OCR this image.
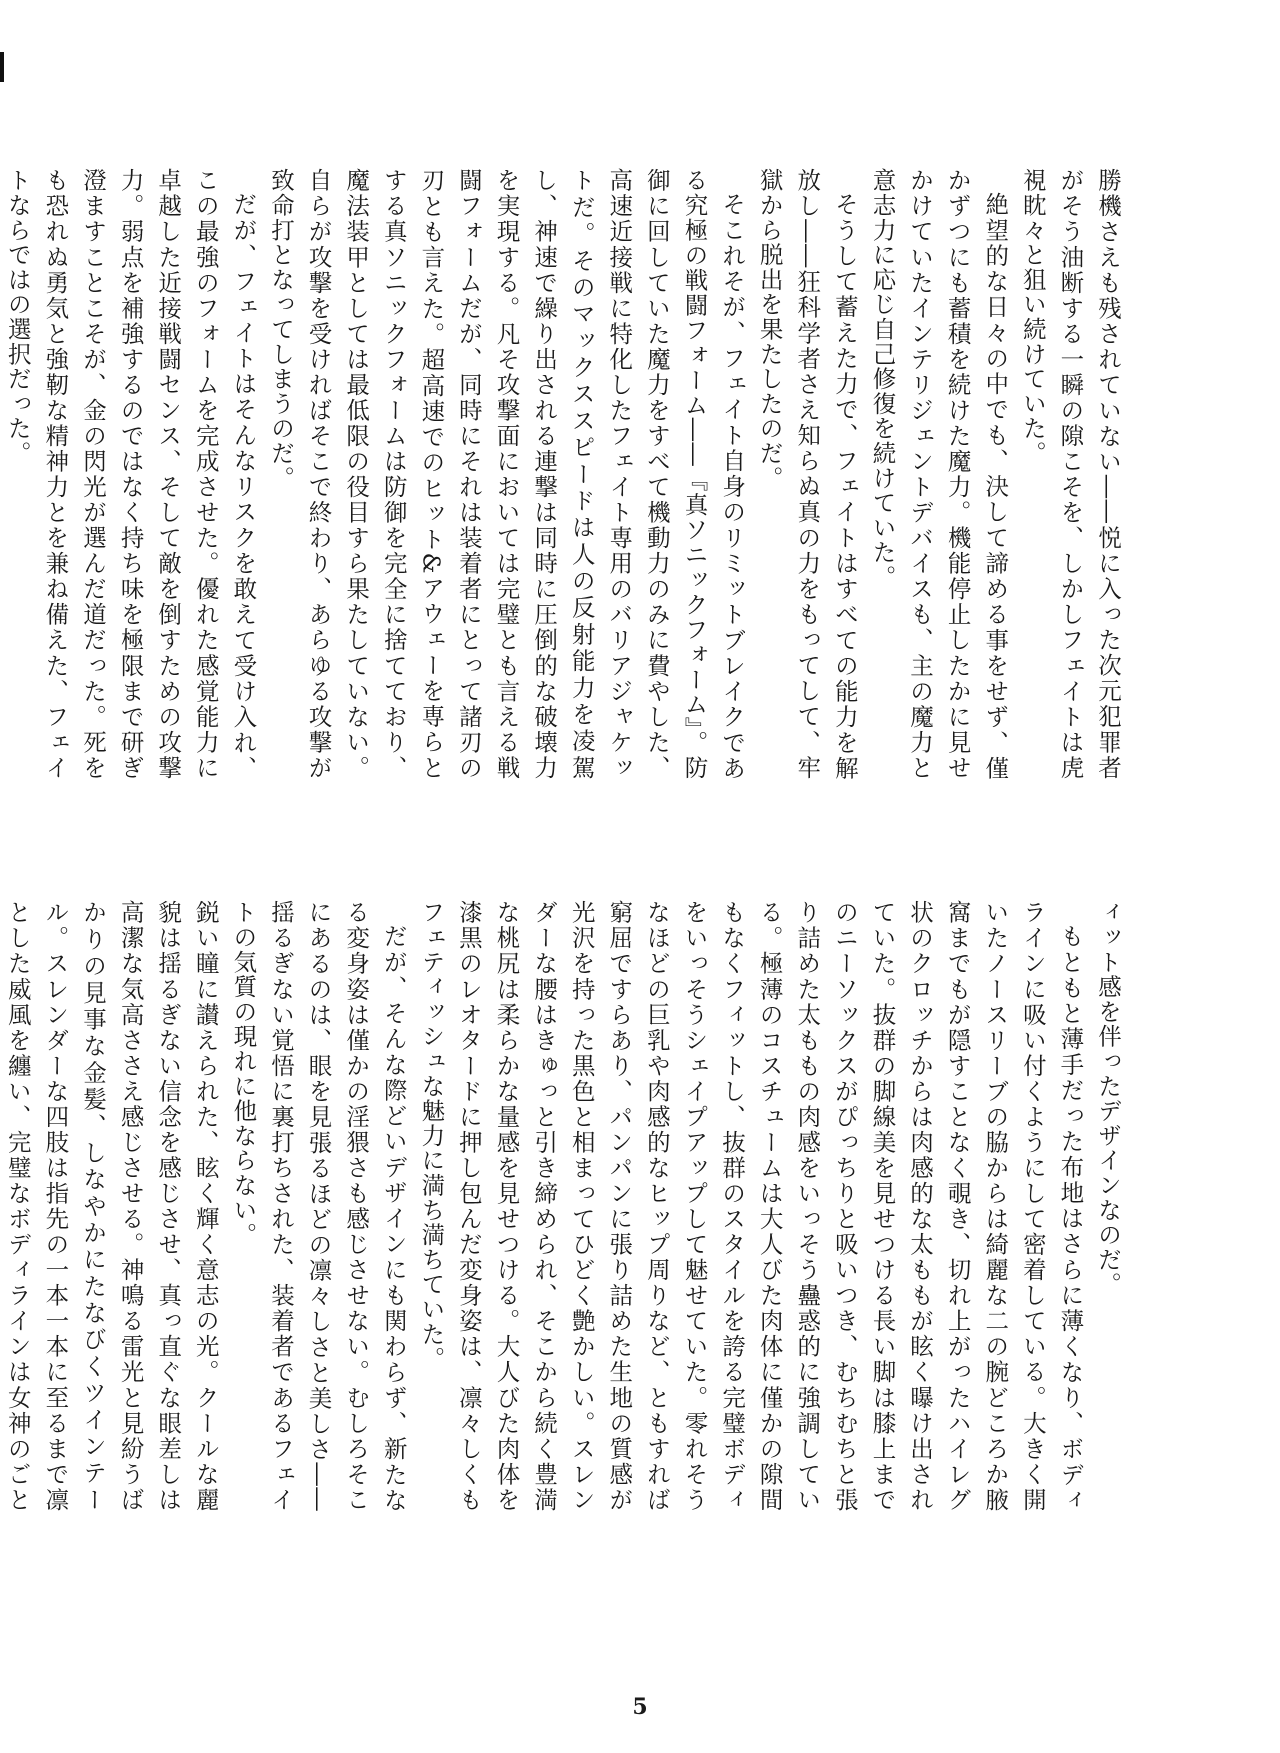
勝機さえも残されていない――悦に入った次元犯罪者がそう油断する一瞬の隙こそを、しかしフェイトは虎視眈々と狙い続けていた。

絶望的な日々の中でも、決して諦める事をせず、僅かずつにも蓄積を続けた魔力。機能停止したかに見せかけていたインテリジェントデバイスも、主の魔力と意志力に応じ自己修復を続けていた。

そうして蓄えた力で、フェイトはすべての能力を解放し――狂科学者さえ知らぬ真の力をもってして、牢獄から脱出を果たしたのだ。

そこれそが、フェイト自身のリミットブレイクである究極の戦闘フォーム――『真ソニックフォーム』。防御に回していた魔力をすべて機動力のみに費やした、高速近接戦に特化したフェイト専用のバリアジャケットだ。そのマックススピードは人の反射能力を凌駕し、神速で繰り出される連撃は同時に圧倒的な破壊力を実現する。凡そ攻撃面においては完璧とも言える戦闘フォームだが、同時にそれは装着者にとって諸刃の刃とも言えた。超高速でのヒット&アウェーを専らとする真ソニックフォームは防御を完全に捨てており、魔法装甲としては最低限の役目すら果たしていない。自らが攻撃を受ければそこで終わり、あらゆる攻撃が致命打となってしまうのだ。

だが、フェイトはそんなリスクを敢えて受け入れ、この最強のフォームを完成させた。優れた感覚能力に卓越した近接戦闘センス、そして敵を倒すための攻撃力。弱点を補強するのではなく持ち味を極限まで研ぎ澄ますことこそが、金の閃光が選んだ道だった。死をも恐れぬ勇気と強靭な精神力とを兼ね備えた、フェイトならではの選択だった。

ィット感を伴ったデザインなのだ。

もともと薄手だった布地はさらに薄くなり、ボディラインに吸い付くようにして密着している。大きく開いたノースリーブの脇からは綺麗な二の腕どころか腋窩までもが隠すことなく覗き、切れ上がったハイレグ状のクロッチからは肉感的な太ももが眩く曝け出されていた。抜群の脚線美を見せつける長い脚は膝上までのニーソックスがぴっちりと吸いつき、むちむちと張り詰めた太ももの肉感をいっそう蠱惑的に強調している。極薄のコスチュームは大人びた肉体に僅かの隙間もなくフィットし、抜群のスタイルを誇る完璧ボディをいっそうシェイプアップして魅せていた。零れそうなほどの巨乳や肉感的なヒップ周りなど、ともすれば窮屈ですらあり、パンパンに張り詰めた生地の質感が光沢を持った黒色と相まってひどく艶かしい。スレンダーな腰はきゅっと引き締められ、そこから続く豊満な桃尻は柔らかな量感を見せつける。大人びた肉体を漆黒のレオタードに押し包んだ変身姿は、凛々しくもフェティッシュな魅力に満ち満ちていた。

だが、そんな際どいデザインにも関わらず、新たなる変身姿は僅かの淫猥さも感じさせない。むしろそこにあるのは、眼を見張るほどの凛々しさと美しさ――揺るぎない覚悟に裏打ちされた、装着者であるフェイトの気質の現れに他ならない。

鋭い瞳に讃えられた、眩く輝く意志の光。クールな麗貌は揺るぎない信念を感じさせ、真っ直ぐな眼差しは高潔な気高ささえ感じさせる。神鳴る雷光と見紛うばかりの見事な金髪、しなやかにたなびくツインテール。スレンダーな四肢は指先の一本一本に至るまで凛とした威風を纏い、完璧なボディラインは女神のごと

5
